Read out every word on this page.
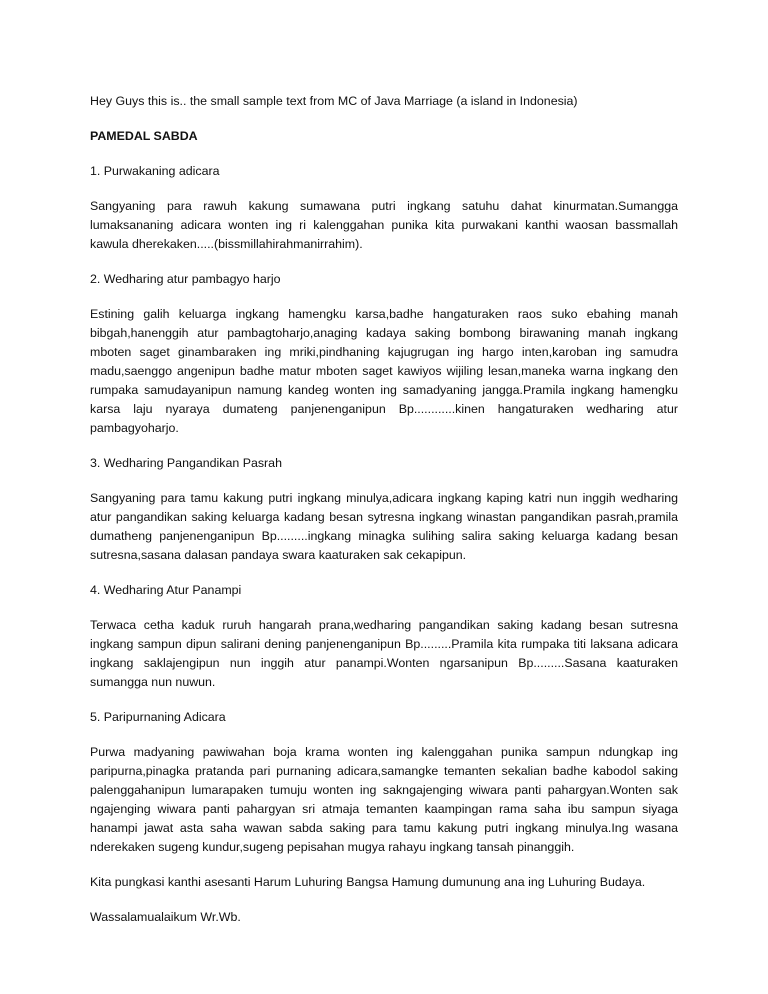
Hey Guys this is.. the small sample text from MC of Java Marriage (a island in Indonesia)

PAMEDAL SABDA

1. Purwakaning adicara

Sangyaning para rawuh kakung sumawana putri ingkang satuhu dahat kinurmatan.Sumangga lumaksananing adicara wonten ing ri kalenggahan punika kita purwakani kanthi waosan bassmallah kawula dherekaken.....(bissmillahirahmanirrahim).

2. Wedharing atur pambagyo harjo

Estining galih keluarga ingkang hamengku karsa,badhe hangaturaken raos suko ebahing manah bibgah,hanenggih atur pambagtoharjo,anaging kadaya saking bombong birawaning manah ingkang mboten saget ginambaraken ing mriki,pindhaning kajugrugan ing hargo inten,karoban ing samudra madu,saenggo angenipun badhe matur mboten saget kawiyos wijiling lesan,maneka warna ingkang den rumpaka samudayanipun namung kandeg wonten ing samadyaning jangga.Pramila ingkang hamengku karsa laju nyaraya dumateng panjenenganipun Bp............kinen hangaturaken wedharing atur pambagyoharjo.

3. Wedharing Pangandikan Pasrah

Sangyaning para tamu kakung putri ingkang minulya,adicara ingkang kaping katri nun inggih wedharing atur pangandikan saking keluarga kadang besan sytresna ingkang winastan pangandikan pasrah,pramila dumatheng panjenenganipun Bp.........ingkang minagka sulihing salira saking keluarga kadang besan sutresna,sasana dalasan pandaya swara kaaturaken sak cekapipun.

4. Wedharing Atur Panampi

Terwaca cetha kaduk ruruh hangarah prana,wedharing pangandikan saking kadang besan sutresna ingkang sampun dipun salirani dening panjenenganipun Bp.........Pramila kita rumpaka titi laksana adicara ingkang saklajengipun nun inggih atur panampi.Wonten ngarsanipun Bp.........Sasana kaaturaken sumangga nun nuwun.

5. Paripurnaning Adicara

Purwa madyaning pawiwahan boja krama wonten ing kalenggahan punika sampun ndungkap ing paripurna,pinagka pratanda pari purnaning adicara,samangke temanten sekalian badhe kabodol saking palenggahanipun lumarapaken tumuju wonten ing sakngajenging wiwara panti pahargyan.Wonten sak ngajenging wiwara panti pahargyan sri atmaja temanten kaampingan rama saha ibu sampun siyaga hanampi jawat asta saha wawan sabda saking para tamu kakung putri ingkang minulya.Ing wasana nderekaken sugeng kundur,sugeng pepisahan mugya rahayu ingkang tansah pinanggih.

Kita pungkasi kanthi asesanti Harum Luhuring Bangsa Hamung dumunung ana ing Luhuring Budaya.

Wassalamualaikum Wr.Wb.
